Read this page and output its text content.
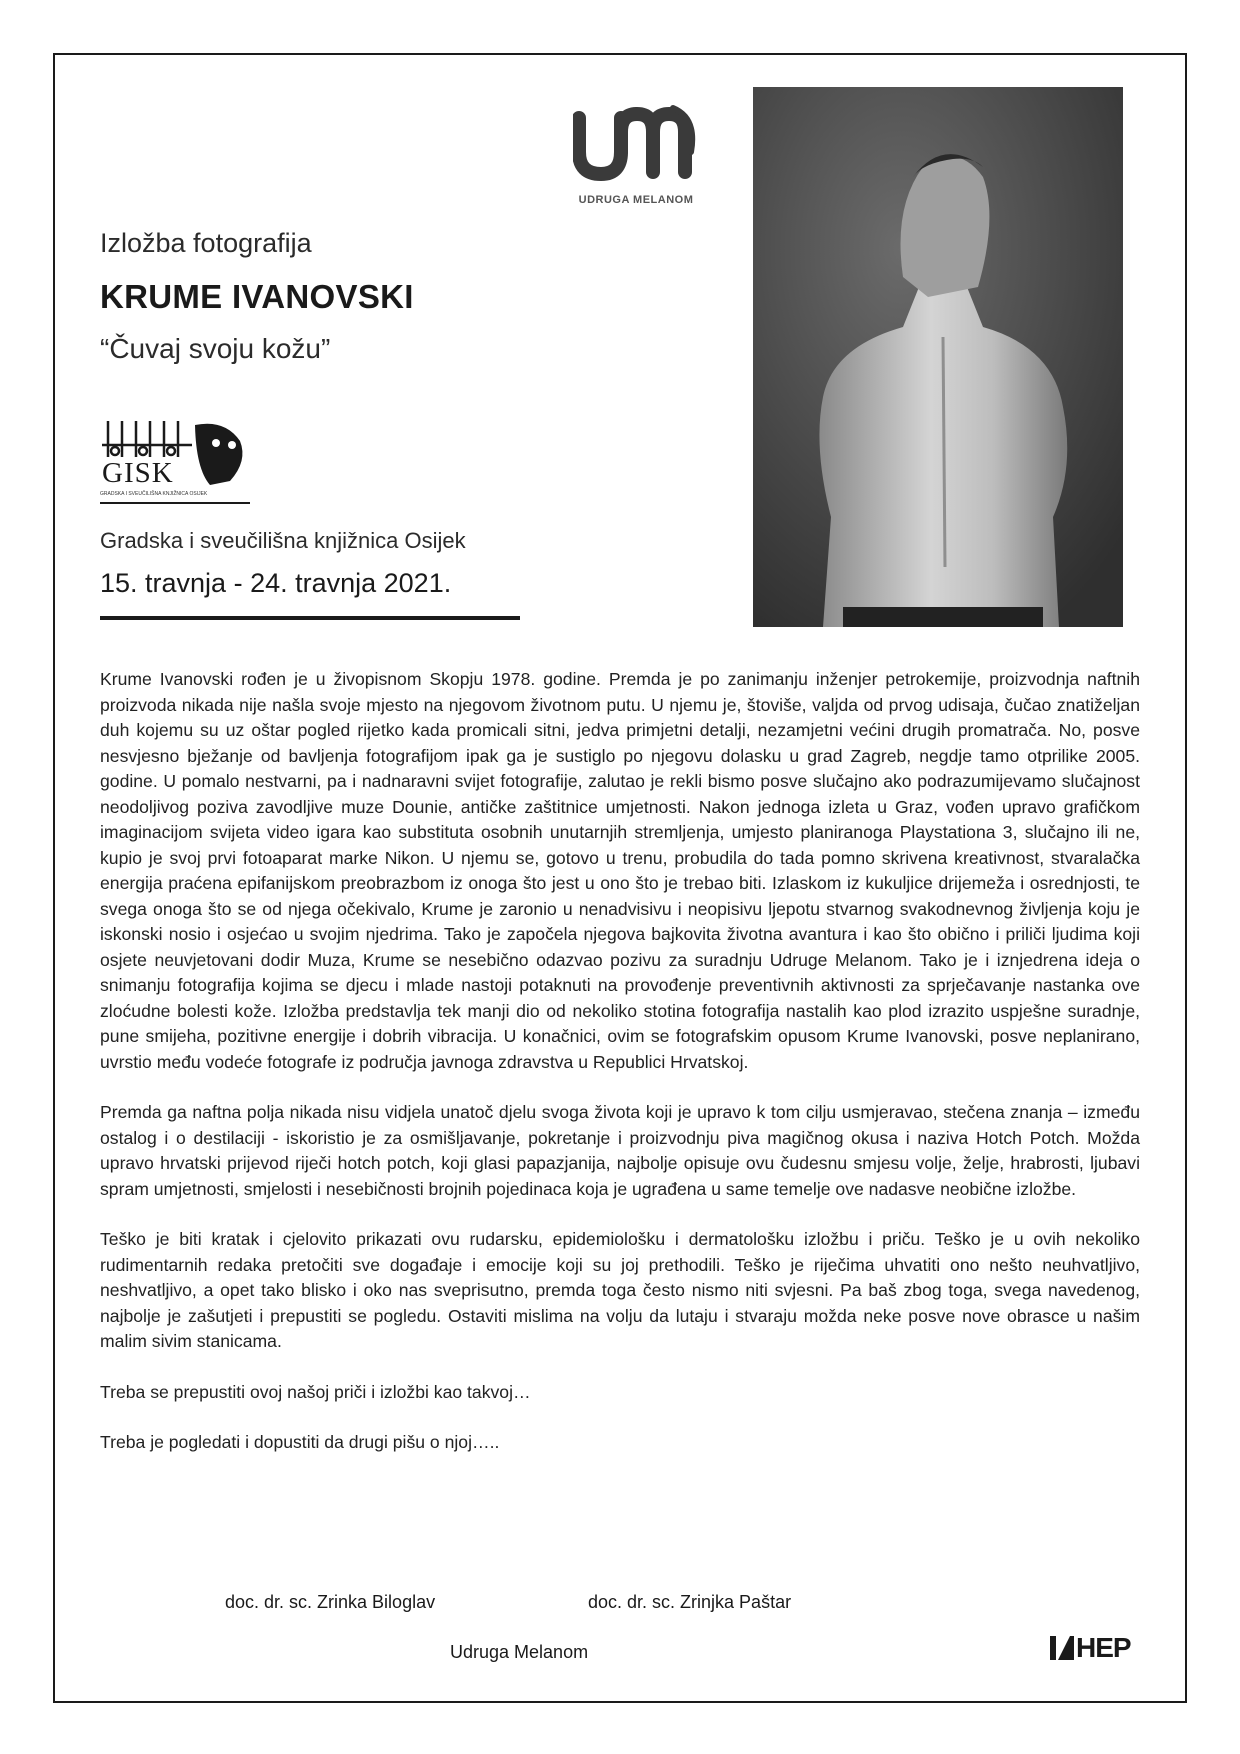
UDRUGA MELANOM
Izložba fotografija
KRUME IVANOVSKI
“Čuvaj svoju kožu”
GISK
GRADSKA I SVEUČILIŠNA KNJIŽNICA OSIJEK
Gradska i sveučilišna knjižnica Osijek
15. travnja - 24. travnja 2021.

Krume Ivanovski rođen je u živopisnom Skopju 1978. godine. Premda je po zanimanju inženjer petrokemije, proizvodnja naftnih proizvoda nikada nije našla svoje mjesto na njegovom životnom putu. U njemu je, štoviše, valjda od prvog udisaja, čučao znatiželjan duh kojemu su uz oštar pogled rijetko kada promicali sitni, jedva primjetni detalji, nezamjetni većini drugih promatrača. No, posve nesvjesno bježanje od bavljenja fotografijom ipak ga je sustiglo po njegovu dolasku u grad Zagreb, negdje tamo otprilike 2005. godine. U pomalo nestvarni, pa i nadnaravni svijet fotografije, zalutao je rekli bismo posve slučajno ako podrazumijevamo slučajnost neodoljivog poziva zavodljive muze Dounie, antičke zaštitnice umjetnosti. Nakon jednoga izleta u Graz, vođen upravo grafičkom imaginacijom svijeta video igara kao substituta osobnih unutarnjih stremljenja, umjesto planiranoga Playstationa 3, slučajno ili ne, kupio je svoj prvi fotoaparat marke Nikon. U njemu se, gotovo u trenu, probudila do tada pomno skrivena kreativnost, stvaralačka energija praćena epifanijskom preobrazbom iz onoga što jest u ono što je trebao biti. Izlaskom iz kukuljice drijemeža i osrednjosti, te svega onoga što se od njega očekivalo, Krume je zaronio u nenadvisivu i neopisivu ljepotu stvarnog svakodnevnog življenja koju je iskonski nosio i osjećao u svojim njedrima. Tako je započela njegova bajkovita životna avantura i kao što obično i priliči ljudima koji osjete neuvjetovani dodir Muza, Krume se nesebično odazvao pozivu za suradnju Udruge Melanom. Tako je i iznjedrena ideja o snimanju fotografija kojima se djecu i mlade nastoji potaknuti na provođenje preventivnih aktivnosti za sprječavanje nastanka ove zloćudne bolesti kože. Izložba predstavlja tek manji dio od nekoliko stotina fotografija nastalih kao plod izrazito uspješne suradnje, pune smijeha, pozitivne energije i dobrih vibracija. U konačnici, ovim se fotografskim opusom Krume Ivanovski, posve neplanirano, uvrstio među vodeće fotografe iz područja javnoga zdravstva u Republici Hrvatskoj.

Premda ga naftna polja nikada nisu vidjela unatoč djelu svoga života koji je upravo k tom cilju usmjeravao, stečena znanja – između ostalog i o destilaciji - iskoristio je za osmišljavanje, pokretanje i proizvodnju piva magičnog okusa i naziva Hotch Potch. Možda upravo hrvatski prijevod riječi hotch potch, koji glasi papazjanija, najbolje opisuje ovu čudesnu smjesu volje, želje, hrabrosti, ljubavi spram umjetnosti, smjelosti i nesebičnosti brojnih pojedinaca koja je ugrađena u same temelje ove nadasve neobične izložbe.

Teško je biti kratak i cjelovito prikazati ovu rudarsku, epidemiološku i dermatološku izložbu i priču. Teško je u ovih nekoliko rudimentarnih redaka pretočiti sve događaje i emocije koji su joj prethodili. Teško je riječima uhvatiti ono nešto neuhvatljivo, neshvatljivo, a opet tako blisko i oko nas sveprisutno, premda toga često nismo niti svjesni. Pa baš zbog toga, svega navedenog, najbolje je zašutjeti i prepustiti se pogledu. Ostaviti mislima na volju da lutaju i stvaraju možda neke posve nove obrasce u našim malim sivim stanicama.

Treba se prepustiti ovoj našoj priči i izložbi kao takvoj…

Treba je pogledati i dopustiti da drugi pišu o njoj…..

doc. dr. sc. Zrinka Biloglav	doc. dr. sc. Zrinjka Paštar
Udruga Melanom	HEP
